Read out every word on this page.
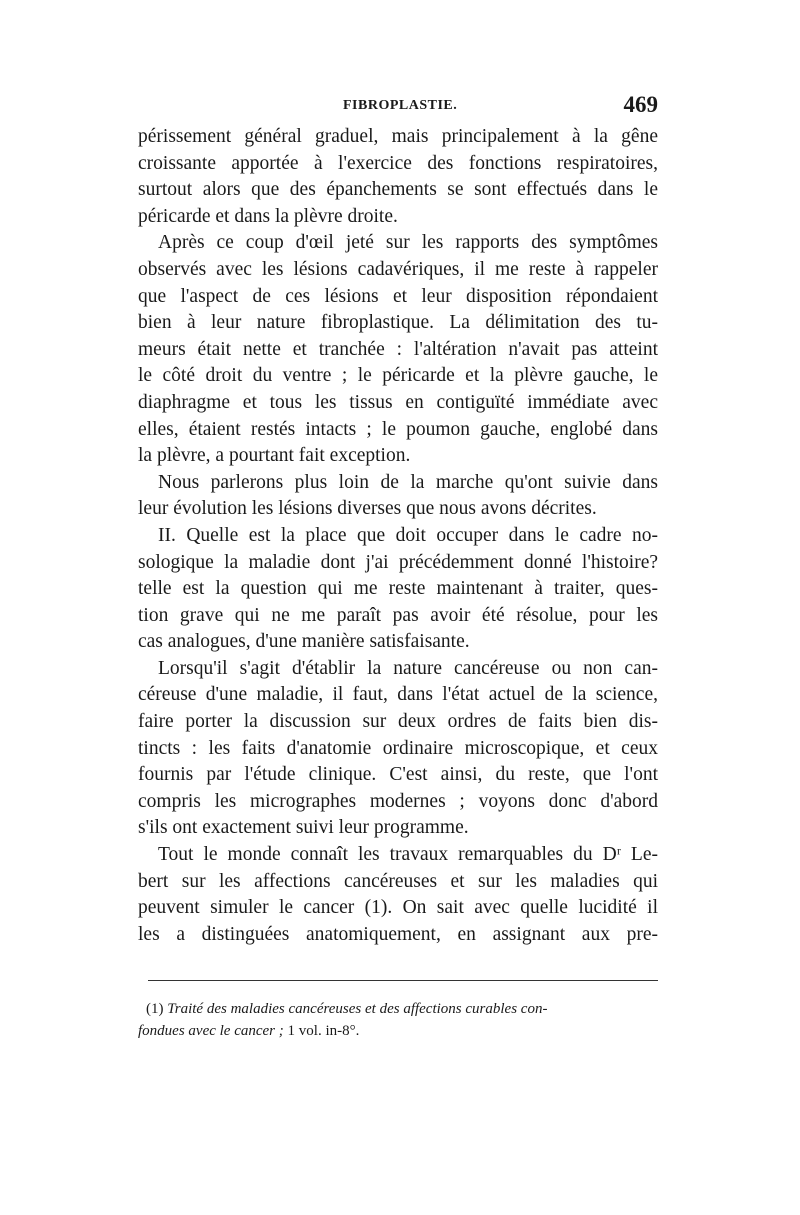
FIBROPLASTIE.	469
périssement général graduel, mais principalement à la gêne
croissante apportée à l'exercice des fonctions respiratoires,
surtout alors que des épanchements se sont effectués dans le
péricarde et dans la plèvre droite.
Après ce coup d'œil jeté sur les rapports des symptômes
observés avec les lésions cadavériques, il me reste à rappeler
que l'aspect de ces lésions et leur disposition répondaient
bien à leur nature fibroplastique. La délimitation des tu-
meurs était nette et tranchée : l'altération n'avait pas atteint
le côté droit du ventre ; le péricarde et la plèvre gauche, le
diaphragme et tous les tissus en contiguïté immédiate avec
elles, étaient restés intacts ; le poumon gauche, englobé dans
la plèvre, a pourtant fait exception.
Nous parlerons plus loin de la marche qu'ont suivie dans
leur évolution les lésions diverses que nous avons décrites.
II. Quelle est la place que doit occuper dans le cadre no-
sologique la maladie dont j'ai précédemment donné l'histoire?
telle est la question qui me reste maintenant à traiter, ques-
tion grave qui ne me paraît pas avoir été résolue, pour les
cas analogues, d'une manière satisfaisante.
Lorsqu'il s'agit d'établir la nature cancéreuse ou non can-
céreuse d'une maladie, il faut, dans l'état actuel de la science,
faire porter la discussion sur deux ordres de faits bien dis-
tincts : les faits d'anatomie ordinaire microscopique, et ceux
fournis par l'étude clinique. C'est ainsi, du reste, que l'ont
compris les micrographes modernes ; voyons donc d'abord
s'ils ont exactement suivi leur programme.
Tout le monde connaît les travaux remarquables du Dʳ Le-
bert sur les affections cancéreuses et sur les maladies qui
peuvent simuler le cancer (1). On sait avec quelle lucidité il
les a distinguées anatomiquement, en assignant aux pre-
(1) Traité des maladies cancéreuses et des affections curables con-
fondues avec le cancer ; 1 vol. in-8°.
